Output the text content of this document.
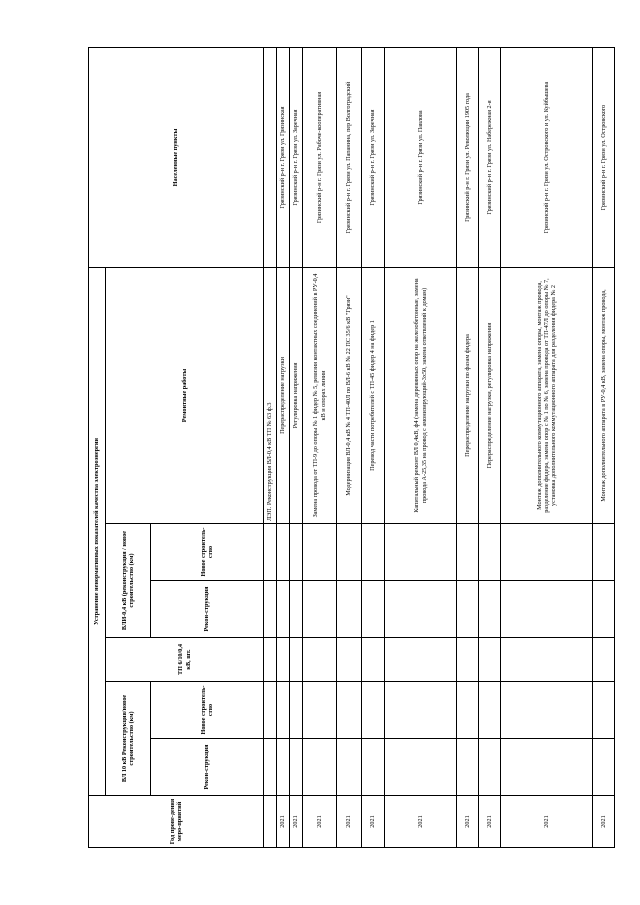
Год прове-дения меро-приятий	Устранение ненормативных показателей качества электроэнергии						Населенные пункты
	ВЛ 10 кВ Реконструкция/новое строительство (км)		ТП 6/10/0,4 кВ, шт.	ВЛИ-0,4 кВ (реконструкция / новое строительство (км)		Ремонтные работы	
	Рекон-струкция	Новое строитель-ство		Рекон-струкция	Новое строитель-ство		
						ЛЭП. Реконструкция ВЛ-0,4 кВ ТП № 63 ф.3	
2021						Перераспределение нагрузки	Грязинский р-н г. Грязи ул. Грязинская
2021						Регулировка напряжения	Грязинский р-н г. Грязи ул. Заречная
2021						Замена провода от ТП-9 до опоры № 1 фидер № 5, ревизия контактных соединений в РУ-0,4 кВ и опорах линии	Грязинский р-н г. Грязи ул. Рабоче-кооперативная
2021						Модернизация ВЛ-0,4 кВ № 4 ТП-40Л по ВЛ-6 кВ № 22 ПС 35/6 кВ "Грязи"	Грязинский р-н г. Грязи ул. Папанина, пер Волгоградский
2021						Перевод части потребителей с ТП-45 фидер 4 на фидер 1	Грязинский р-н г. Грязи ул. Заречная
2021						Капитальный ремонт ВЛ 0,4кВ, ф4 (замена деревянных опор на железобетонные, замена провода А-25,35 на провод с амонизирующий-3х50, замена ответвлений к домам)	Грязинский р-н г. Грязи ул. Павлова
2021						Перераспределение нагрузки по фазам фидера	Грязинский р-н г. Грязи ул. Революции 1905 года
2021						Перераспределение нагрузки, регулировка напряжения	Грязинский р-н г. Грязи ул. Набережная 2-я
2021						Монтаж дополнительного коммутационного аппарата, замена опоры, монтаж провода, разделение фидера, замена опор с № 1 по № 6, замена провода от ТП-47Л до опоры № 7, установка дополнительного коммутационного аппарата для разделения фидера № 2	Грязинский р-н г. Грязи ул. Островского и ул. Куйбышева
2021						Монтаж дополнительного аппарата в РУ-0,4 кВ, замена опоры, монтаж провода,	Грязинский р-н г. Грязи ул. Островского
